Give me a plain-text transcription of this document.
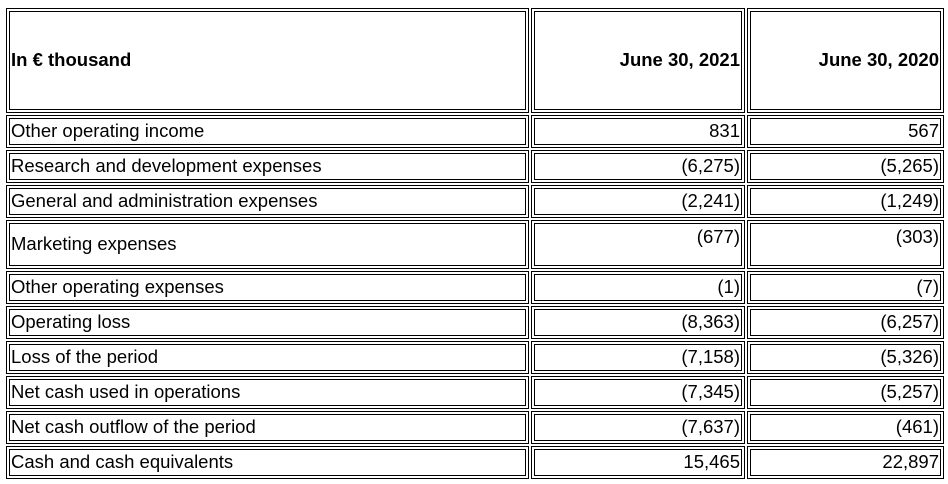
In € thousand	June 30, 2021	June 30, 2020
Other operating income	831	567
Research and development expenses	(6,275)	(5,265)
General and administration expenses	(2,241)	(1,249)
Marketing expenses	(677)	(303)
Other operating expenses	(1)	(7)
Operating loss	(8,363)	(6,257)
Loss of the period	(7,158)	(5,326)
Net cash used in operations	(7,345)	(5,257)
Net cash outflow of the period	(7,637)	(461)
Cash and cash equivalents	15,465	22,897
